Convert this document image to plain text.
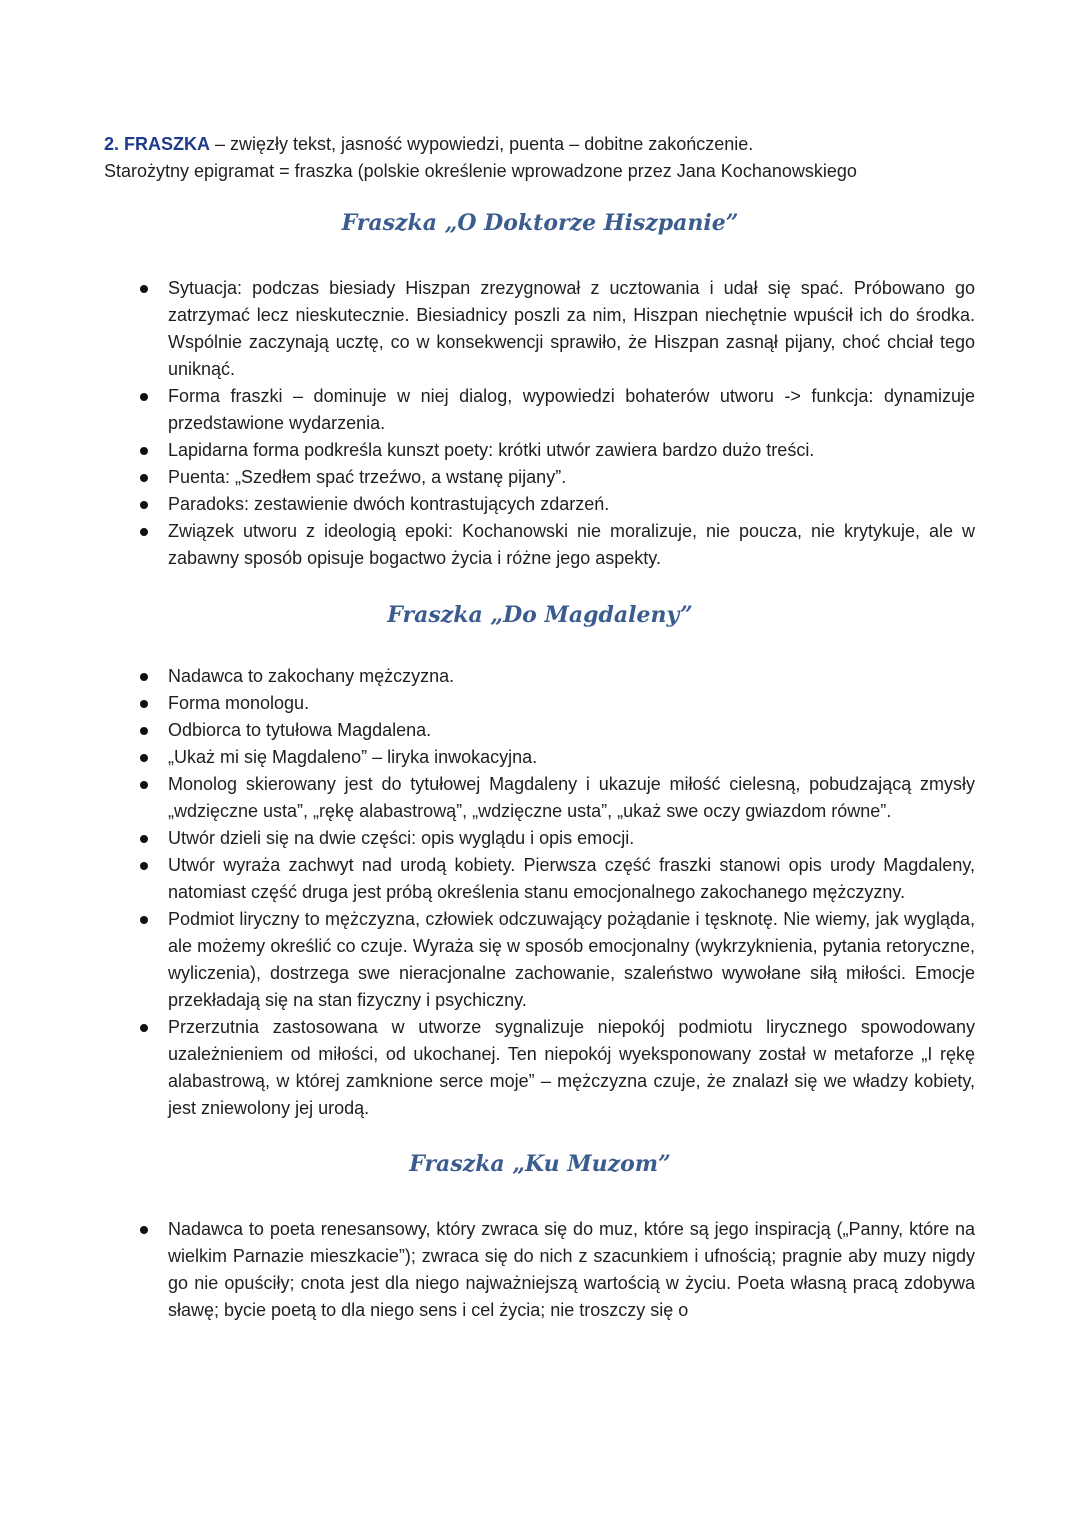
2. FRASZKA – zwięzły tekst, jasność wypowiedzi, puenta – dobitne zakończenie.
Starożytny epigramat = fraszka (polskie określenie wprowadzone przez Jana Kochanowskiego
Fraszka „O Doktorze Hiszpanie”
Sytuacja: podczas biesiady Hiszpan zrezygnował z ucztowania i udał się spać. Próbowano go zatrzymać lecz nieskutecznie. Biesiadnicy poszli za nim, Hiszpan niechętnie wpuścił ich do środka. Wspólnie zaczynają ucztę, co w konsekwencji sprawiło, że Hiszpan zasnął pijany, choć chciał tego uniknąć.
Forma fraszki – dominuje w niej dialog, wypowiedzi bohaterów utworu -> funkcja: dynamizuje przedstawione wydarzenia.
Lapidarna forma podkreśla kunszt poety: krótki utwór zawiera bardzo dużo treści.
Puenta: „Szedłem spać trzeźwo, a wstanę pijany”.
Paradoks: zestawienie dwóch kontrastujących zdarzeń.
Związek utworu z ideologią epoki: Kochanowski nie moralizuje, nie poucza, nie krytykuje, ale w zabawny sposób opisuje bogactwo życia i różne jego aspekty.
Fraszka „Do Magdaleny”
Nadawca to zakochany mężczyzna.
Forma monologu.
Odbiorca to tytułowa Magdalena.
„Ukaż mi się Magdaleno” – liryka inwokacyjna.
Monolog skierowany jest do tytułowej Magdaleny i ukazuje miłość cielesną, pobudzającą zmysły „wdzięczne usta”, „rękę alabastrową”, „wdzięczne usta”, „ukaż swe oczy gwiazdom równe”.
Utwór dzieli się na dwie części: opis wyglądu i opis emocji.
Utwór wyraża zachwyt nad urodą kobiety. Pierwsza część fraszki stanowi opis urody Magdaleny, natomiast część druga jest próbą określenia stanu emocjonalnego zakochanego mężczyzny.
Podmiot liryczny to mężczyzna, człowiek odczuwający pożądanie i tęsknotę. Nie wiemy, jak wygląda, ale możemy określić co czuje. Wyraża się w sposób emocjonalny (wykrzyknienia, pytania retoryczne, wyliczenia), dostrzega swe nieracjonalne zachowanie, szaleństwo wywołane siłą miłości. Emocje przekładają się na stan fizyczny i psychiczny.
Przerzutnia zastosowana w utworze sygnalizuje niepokój podmiotu lirycznego spowodowany uzależnieniem od miłości, od ukochanej. Ten niepokój wyeksponowany został w metaforze „I rękę alabastrową, w której zamknione serce moje” – mężczyzna czuje, że znalazł się we władzy kobiety, jest zniewolony jej urodą.
Fraszka „Ku Muzom”
Nadawca to poeta renesansowy, który zwraca się do muz, które są jego inspiracją („Panny, które na wielkim Parnazie mieszkacie”); zwraca się do nich z szacunkiem i ufnością; pragnie aby muzy nigdy go nie opuściły; cnota jest dla niego najważniejszą wartością w życiu. Poeta własną pracą zdobywa sławę; bycie poetą to dla niego sens i cel życia; nie troszczy się o
